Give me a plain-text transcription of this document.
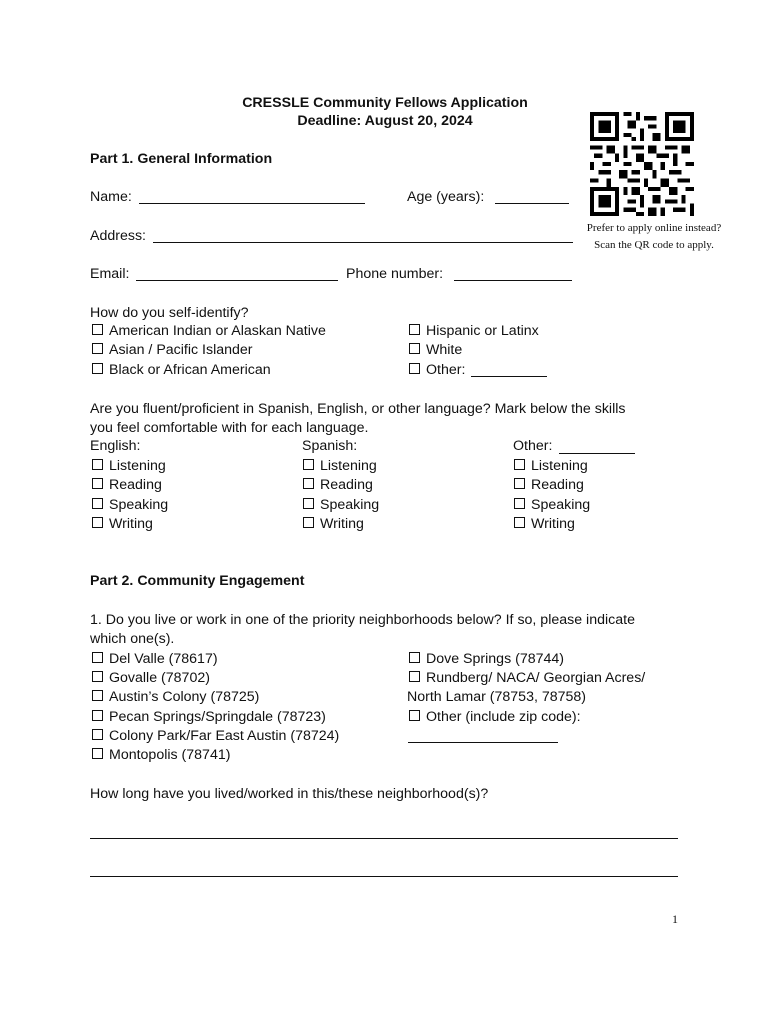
CRESSLE Community Fellows Application
Deadline: August 20, 2024
Prefer to apply online instead?
Scan the QR code to apply.
Part 1. General Information
Name:	Age (years):
Address:
Email:	Phone number:
How do you self-identify?
American Indian or Alaskan Native
Asian / Pacific Islander
Black or African American
Hispanic or Latinx
White
Other:
Are you fluent/proficient in Spanish, English, or other language? Mark below the skills
you feel comfortable with for each language.
English:
Listening
Reading
Speaking
Writing
Spanish:
Listening
Reading
Speaking
Writing
Other:
Listening
Reading
Speaking
Writing
Part 2. Community Engagement
1. Do you live or work in one of the priority neighborhoods below? If so, please indicate
which one(s).
Del Valle (78617)
Govalle (78702)
Austin’s Colony (78725)
Pecan Springs/Springdale (78723)
Colony Park/Far East Austin (78724)
Montopolis (78741)
Dove Springs (78744)
Rundberg/ NACA/ Georgian Acres/
North Lamar (78753, 78758)
Other (include zip code):
How long have you lived/worked in this/these neighborhood(s)?
1
